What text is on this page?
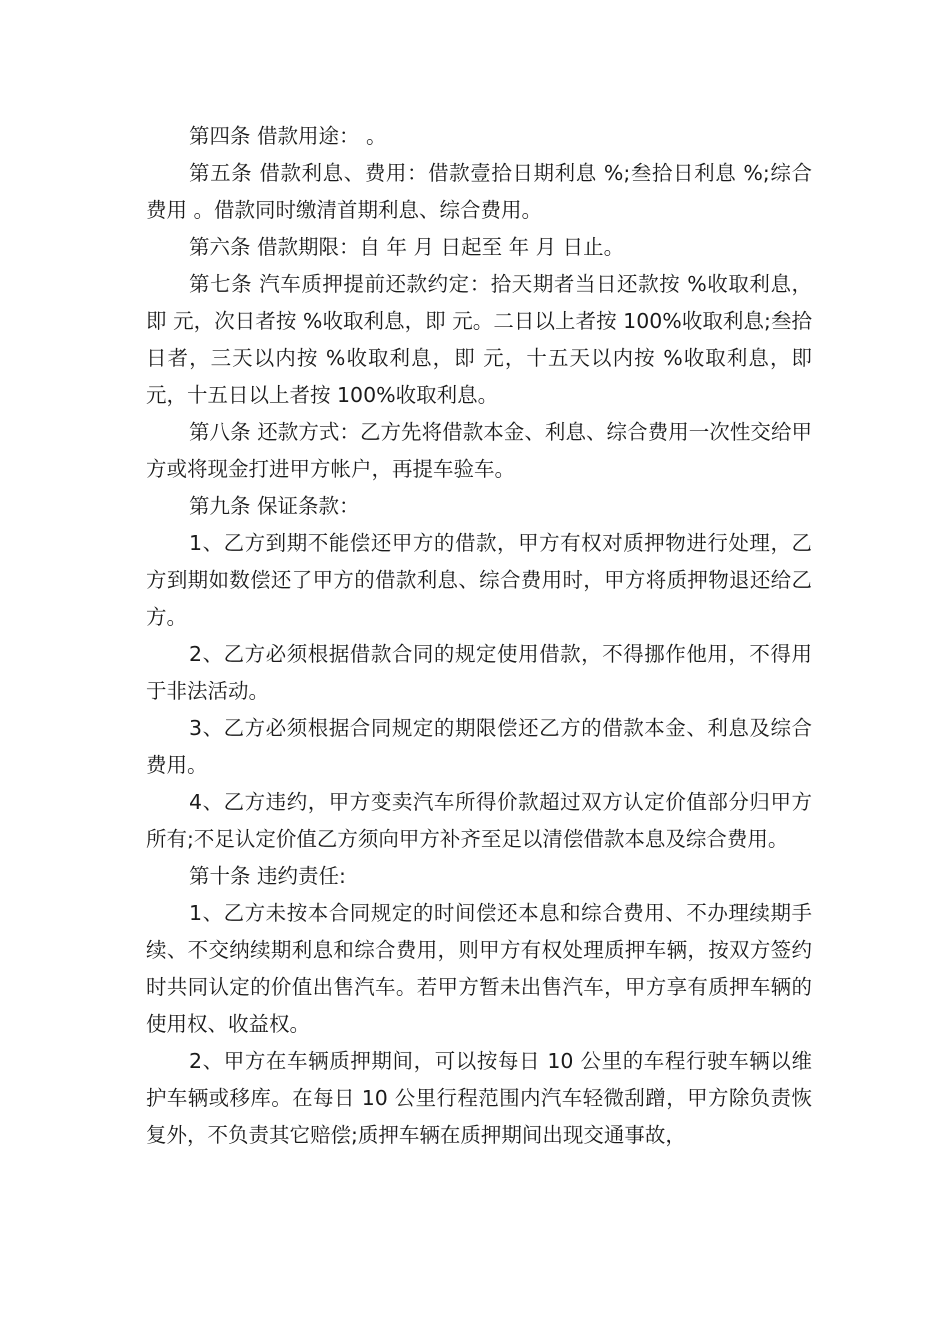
第四条 借款用途： 。

第五条 借款利息、费用：借款壹拾日期利息 %;叁拾日利息 %;综合费用 。借款同时缴清首期利息、综合费用。

第六条 借款期限：自 年 月 日起至 年 月 日止。

第七条 汽车质押提前还款约定：拾天期者当日还款按 %收取利息，即 元，次日者按 %收取利息，即 元。二日以上者按 100%收取利息;叁拾日者，三天以内按 %收取利息，即 元，十五天以内按 %收取利息，即 元，十五日以上者按 100%收取利息。

第八条 还款方式：乙方先将借款本金、利息、综合费用一次性交给甲方或将现金打进甲方帐户，再提车验车。

第九条 保证条款：

1、乙方到期不能偿还甲方的借款，甲方有权对质押物进行处理，乙方到期如数偿还了甲方的借款利息、综合费用时，甲方将质押物退还给乙方。

2、乙方必须根据借款合同的规定使用借款，不得挪作他用，不得用于非法活动。

3、乙方必须根据合同规定的期限偿还乙方的借款本金、利息及综合费用。

4、乙方违约，甲方变卖汽车所得价款超过双方认定价值部分归甲方所有;不足认定价值乙方须向甲方补齐至足以清偿借款本息及综合费用。

第十条 违约责任:

1、乙方未按本合同规定的时间偿还本息和综合费用、不办理续期手续、不交纳续期利息和综合费用，则甲方有权处理质押车辆，按双方签约时共同认定的价值出售汽车。若甲方暂未出售汽车，甲方享有质押车辆的使用权、收益权。

2、甲方在车辆质押期间，可以按每日 10 公里的车程行驶车辆以维护车辆或移库。在每日 10 公里行程范围内汽车轻微刮蹭，甲方除负责恢复外，不负责其它赔偿;质押车辆在质押期间出现交通事故，
